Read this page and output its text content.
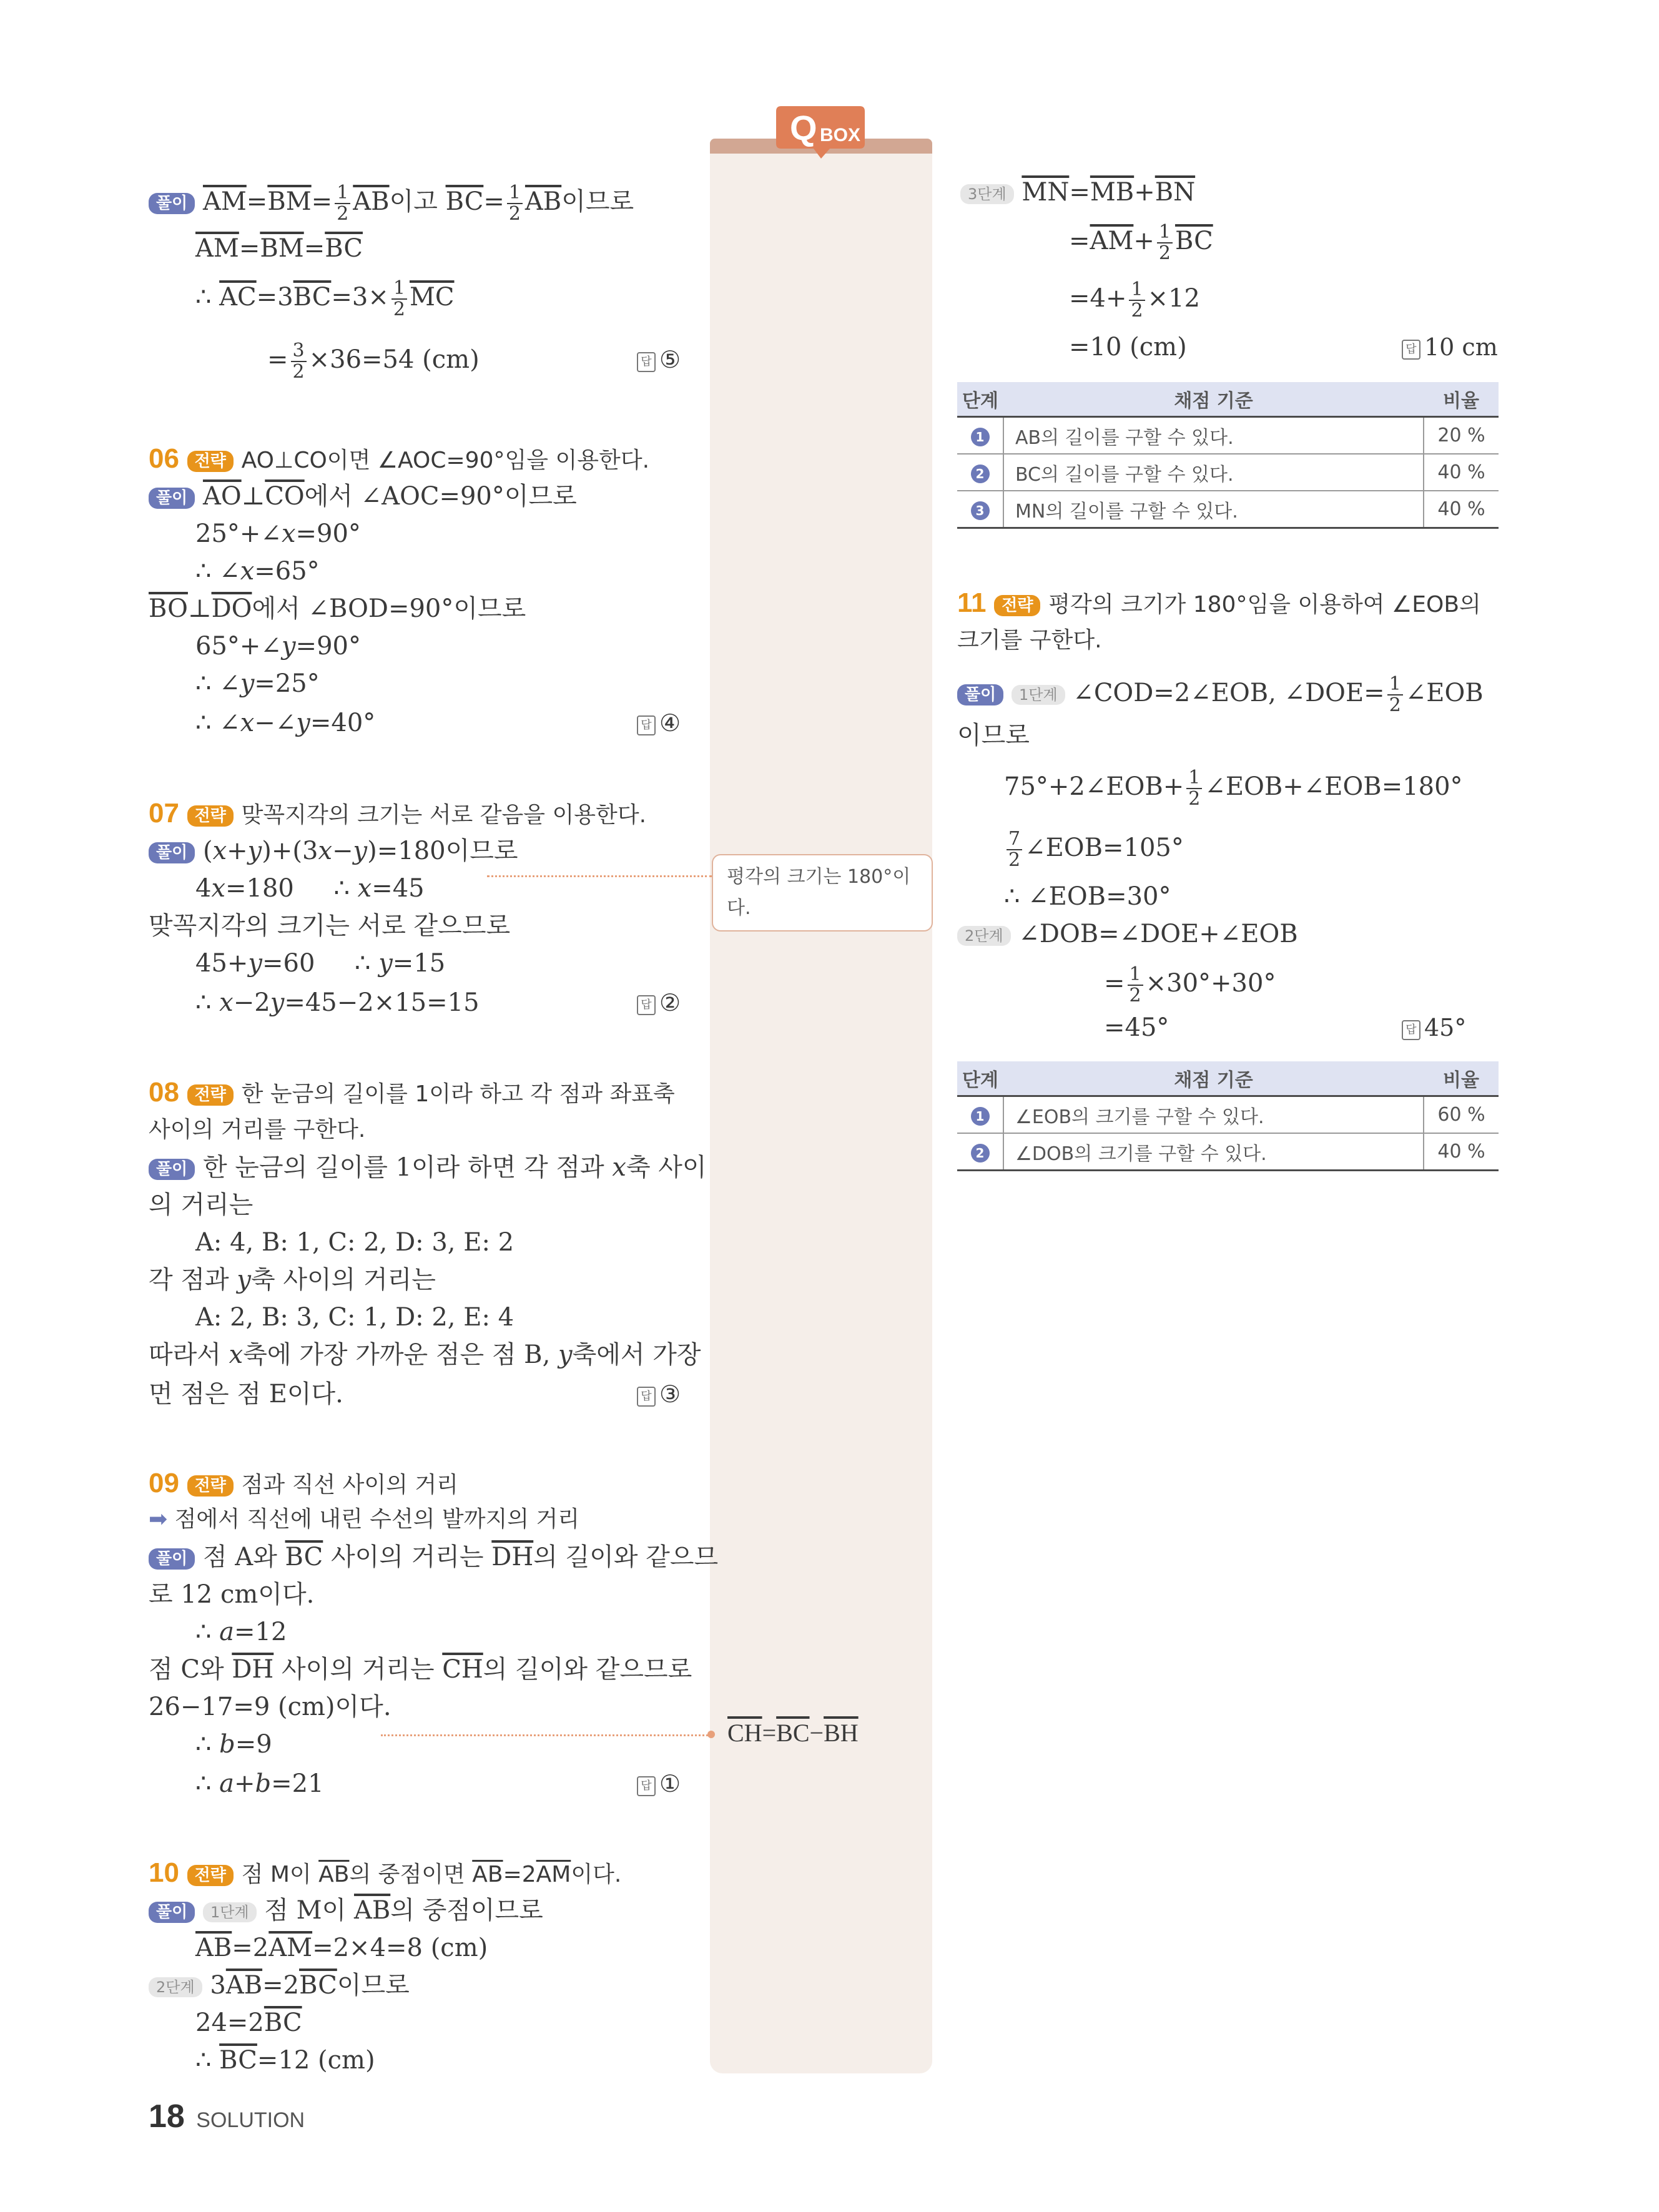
Q BOX
평각의 크기는 180°이다.
$\overline{CH}=\overline{BC}-\overline{BH}$
풀이 $\overline{AM}=\overline{BM}= \frac{1}{2} \overline{AB}$이고 $\overline{BC}= \frac{1}{2} \overline{AB}$이므로
$\overline{AM}=\overline{BM}=\overline{BC}$
∴ $\overline{AC}=3\overline{BC}=3\times \frac{1}{2} \overline{MC}$
= $\frac{3}{2} \times 36=54$ (cm)	답 ⑤
06 전략 AO⊥CO이면 ∠AOC=90°임을 이용한다.
풀이 $\overline{AO}\perp\overline{CO}$에서 ∠AOC=90°이므로
25°+∠x=90°
∴ ∠x=65°
$\overline{BO}\perp\overline{DO}$에서 ∠BOD=90°이므로
65°+∠y=90°
∴ ∠y=25°
∴ ∠x−∠y=40°	답 ④
07 전략 맞꼭지각의 크기는 서로 같음을 이용한다.
풀이 (x+y)+(3x−y)=180이므로
4x=180     ∴ x=45
맞꼭지각의 크기는 서로 같으므로
45+y=60     ∴ y=15
∴ x−2y=45−2×15=15	답 ②
08 전략 한 눈금의 길이를 1이라 하고 각 점과 좌표축
사이의 거리를 구한다.
풀이 한 눈금의 길이를 1이라 하면 각 점과 x축 사이
의 거리는
A: 4, B: 1, C: 2, D: 3, E: 2
각 점과 y축 사이의 거리는
A: 2, B: 3, C: 1, D: 2, E: 4
따라서 x축에 가장 가까운 점은 점 B, y축에서 가장
먼 점은 점 E이다.	답 ③
09 전략 점과 직선 사이의 거리
➡ 점에서 직선에 내린 수선의 발까지의 거리
풀이 점 A와 $\overline{BC}$ 사이의 거리는 $\overline{DH}$의 길이와 같으므
로 12 cm이다.
∴ a=12
점 C와 $\overline{DH}$ 사이의 거리는 $\overline{CH}$의 길이와 같으므로
26−17=9 (cm)이다.
∴ b=9
∴ a+b=21	답 ①
10 전략 점 M이 $\overline{AB}$의 중점이면 $\overline{AB}=2\overline{AM}$이다.
풀이 1단계 점 M이 $\overline{AB}$의 중점이므로
$\overline{AB}=2\overline{AM}=2\times 4=8$ (cm)
2단계 $3\overline{AB}=2\overline{BC}$이므로
$24=2\overline{BC}$
∴ $\overline{BC}=12$ (cm)
18 SOLUTION
3단계 $\overline{MN}=\overline{MB}+\overline{BN}$
$=\overline{AM}+ \frac{1}{2} \overline{BC}$
$=4+ \frac{1}{2} \times 12$
=10 (cm)	답 10 cm
단계	채점 기준	비율
1	AB의 길이를 구할 수 있다.	20 %
2	BC의 길이를 구할 수 있다.	40 %
3	MN의 길이를 구할 수 있다.	40 %
11 전략 평각의 크기가 180°임을 이용하여 ∠EOB의
크기를 구한다.
풀이 1단계 ∠COD=2∠EOB, ∠DOE= $\frac{1}{2}$ ∠EOB
이므로
75°+2∠EOB+ $\frac{1}{2}$ ∠EOB+∠EOB=180°
$\frac{7}{2}$ ∠EOB=105°
∴ ∠EOB=30°
2단계 ∠DOB=∠DOE+∠EOB
= $\frac{1}{2} \times 30^\circ+30^\circ$
=45°	답 45°
단계	채점 기준	비율
1	∠EOB의 크기를 구할 수 있다.	60 %
2	∠DOB의 크기를 구할 수 있다.	40 %
